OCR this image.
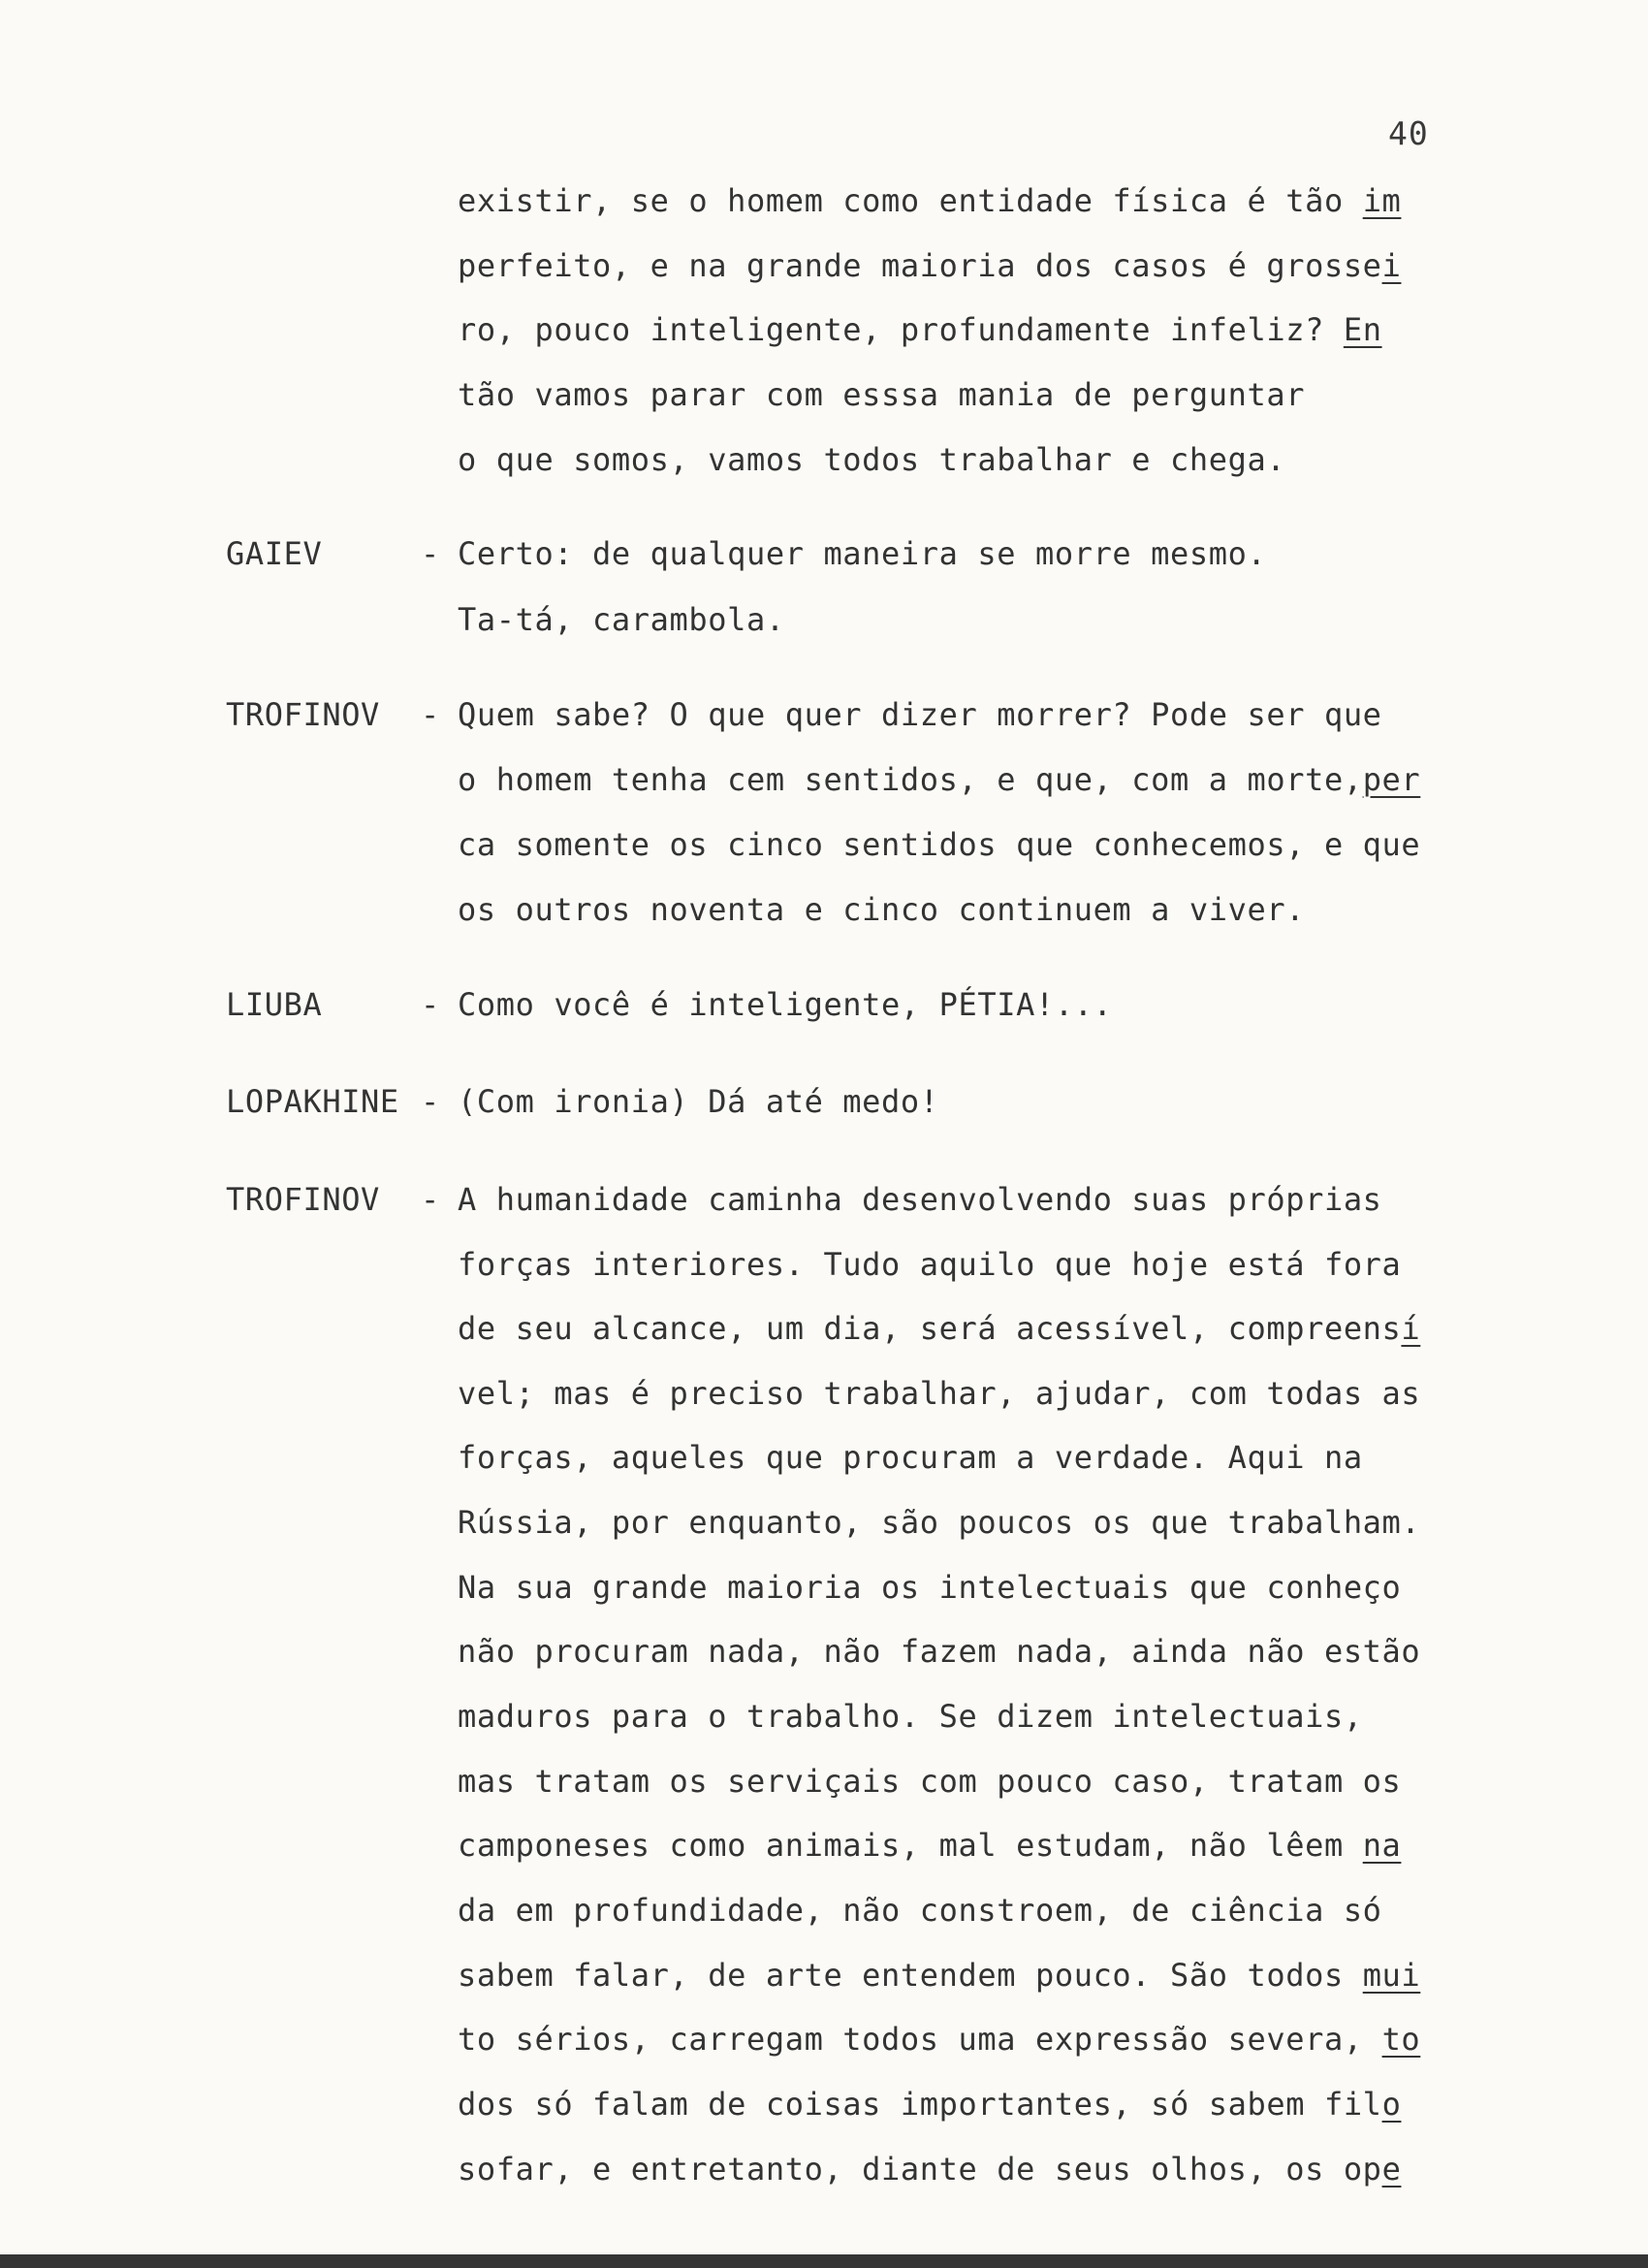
40
existir, se o homem como entidade física é tão im
perfeito, e na grande maioria dos casos é grossei
ro, pouco inteligente, profundamente infeliz? En
tão vamos parar com esssa mania de perguntar
o que somos, vamos todos trabalhar e chega.
GAIEV	- Certo: de qualquer maneira se morre mesmo.
Ta-tá, carambola.
TROFINOV - Quem sabe? O que quer dizer morrer? Pode ser que
o homem tenha cem sentidos, e que, com a morte,per
ca somente os cinco sentidos que conhecemos, e que
os outros noventa e cinco continuem a viver.
LIUBA	- Como você é inteligente, PÉTIA!...
LOPAKHINE - (Com ironia) Dá até medo!
TROFINOV - A humanidade caminha desenvolvendo suas próprias
forças interiores. Tudo aquilo que hoje está fora
de seu alcance, um dia, será acessível, compreensí
vel; mas é preciso trabalhar, ajudar, com todas as
forças, aqueles que procuram a verdade. Aqui na
Rússia, por enquanto, são poucos os que trabalham.
Na sua grande maioria os intelectuais que conheço
não procuram nada, não fazem nada, ainda não estão
maduros para o trabalho. Se dizem intelectuais,
mas tratam os serviçais com pouco caso, tratam os
camponeses como animais, mal estudam, não lêem na
da em profundidade, não constroem, de ciência só
sabem falar, de arte entendem pouco. São todos mui
to sérios, carregam todos uma expressão severa, to
dos só falam de coisas importantes, só sabem filo
sofar, e entretanto, diante de seus olhos, os ope
